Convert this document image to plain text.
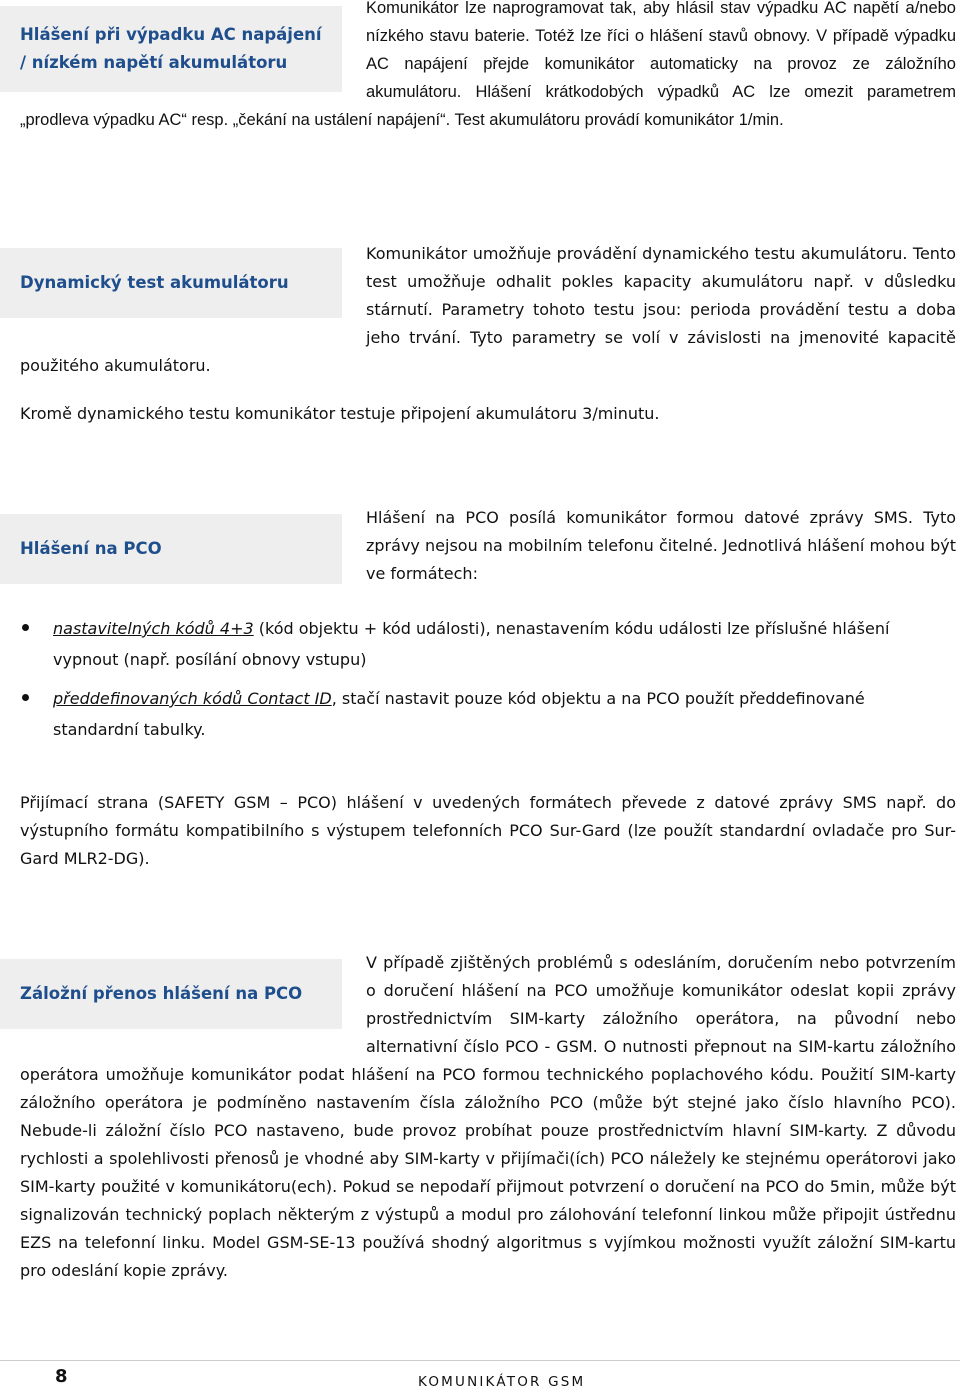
Hlášení při výpadku AC napájení
/ nízkém napětí akumulátoru

Komunikátor lze naprogramovat tak, aby hlásil stav výpadku AC napětí a/nebo nízkého stavu baterie. Totéž lze říci o hlášení stavů obnovy. V případě výpadku AC napájení přejde komunikátor automaticky na provoz ze záložního akumulátoru. Hlášení krátkodobých výpadků AC lze omezit parametrem „prodleva výpadku AC“ resp. „čekání na ustálení napájení“. Test akumulátoru provádí komunikátor 1/min.

Dynamický test akumulátoru

Komunikátor umožňuje provádění dynamického testu akumulátoru. Tento test umožňuje odhalit pokles kapacity akumulátoru např. v důsledku stárnutí. Parametry tohoto testu jsou: perioda provádění testu a doba jeho trvání. Tyto parametry se volí v závislosti na jmenovité kapacitě použitého akumulátoru.

Kromě dynamického testu komunikátor testuje připojení akumulátoru 3/minutu.

Hlášení na PCO

Hlášení na PCO posílá komunikátor formou datové zprávy SMS. Tyto zprávy nejsou na mobilním telefonu čitelné. Jednotlivá hlášení mohou být ve formátech:

nastavitelných kódů 4+3 (kód objektu + kód události), nenastavením kódu události lze příslušné hlášení vypnout (např. posílání obnovy vstupu)
předdefinovaných kódů Contact ID, stačí nastavit pouze kód objektu a na PCO použít předdefinované standardní tabulky.

Přijímací strana (SAFETY GSM – PCO) hlášení v uvedených formátech převede z datové zprávy SMS např. do výstupního formátu kompatibilního s výstupem telefonních PCO Sur-Gard (lze použít standardní ovladače pro Sur-Gard MLR2-DG).

Záložní přenos hlášení na PCO

V případě zjištěných problémů s odesláním, doručením nebo potvrzením o doručení hlášení na PCO umožňuje komunikátor odeslat kopii zprávy prostřednictvím SIM-karty záložního operátora, na původní nebo alternativní číslo PCO - GSM. O nutnosti přepnout na SIM-kartu záložního operátora umožňuje komunikátor podat hlášení na PCO formou technického poplachového kódu. Použití SIM-karty záložního operátora je podmíněno nastavením čísla záložního PCO (může být stejné jako číslo hlavního PCO). Nebude-li záložní číslo PCO nastaveno, bude provoz probíhat pouze prostřednictvím hlavní SIM-karty. Z důvodu rychlosti a spolehlivosti přenosů je vhodné aby SIM-karty v přijímači(ích) PCO náležely ke stejnému operátorovi jako SIM-karty použité v komunikátoru(ech). Pokud se nepodaří přijmout potvrzení o doručení na PCO do 5min, může být signalizován technický poplach některým z výstupů a modul pro zálohování telefonní linkou může připojit ústřednu EZS na telefonní linku. Model GSM-SE-13 používá shodný algoritmus s vyjímkou možnosti využít záložní SIM-kartu pro odeslání kopie zprávy.

8	KOMUNIKÁTOR GSM
